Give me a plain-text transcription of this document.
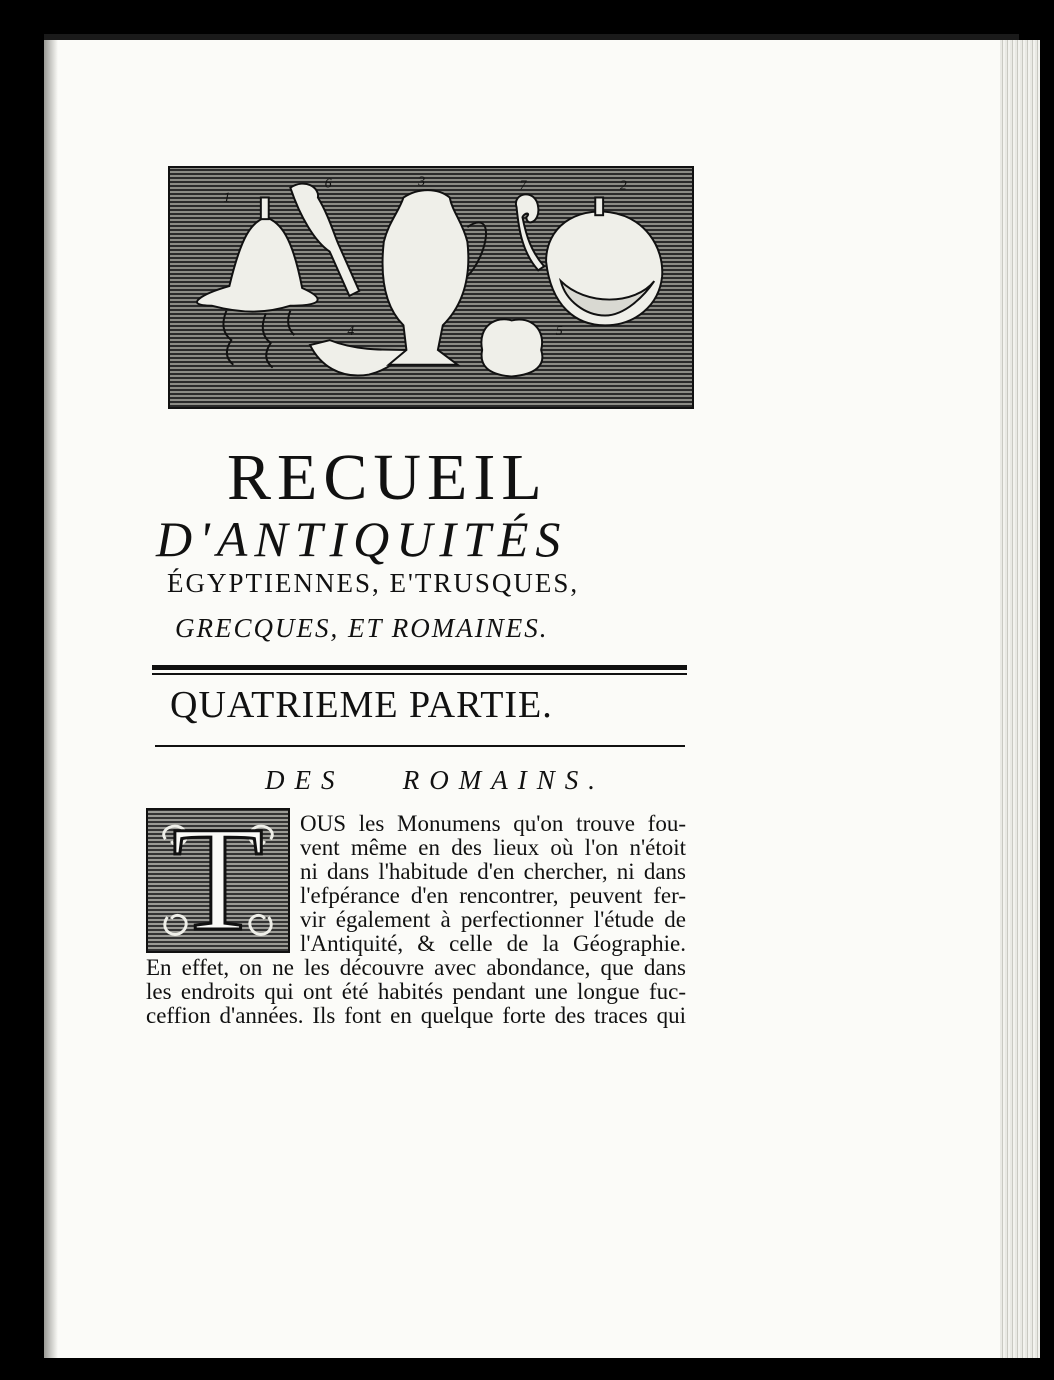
1
6	3	7	2
4	5
RECUEIL
D'ANTIQUITÉS
ÉGYPTIENNES, E'TRUSQUES,
GRECQUES, ET ROMAINES.
QUATRIEME PARTIE.
DES ROMAINS.
T	OUS les Monumens qu'on trouve fou-
vent même en des lieux où l'on n'étoit
ni dans l'habitude d'en chercher, ni dans
l'efpérance d'en rencontrer, peuvent fer-
vir également à perfectionner l'étude de
l'Antiquité, & celle de la Géographie.
En effet, on ne les découvre avec abondance, que dans
les endroits qui ont été habités pendant une longue fuc-
ceffion d'années. Ils font en quelque forte des traces qui
